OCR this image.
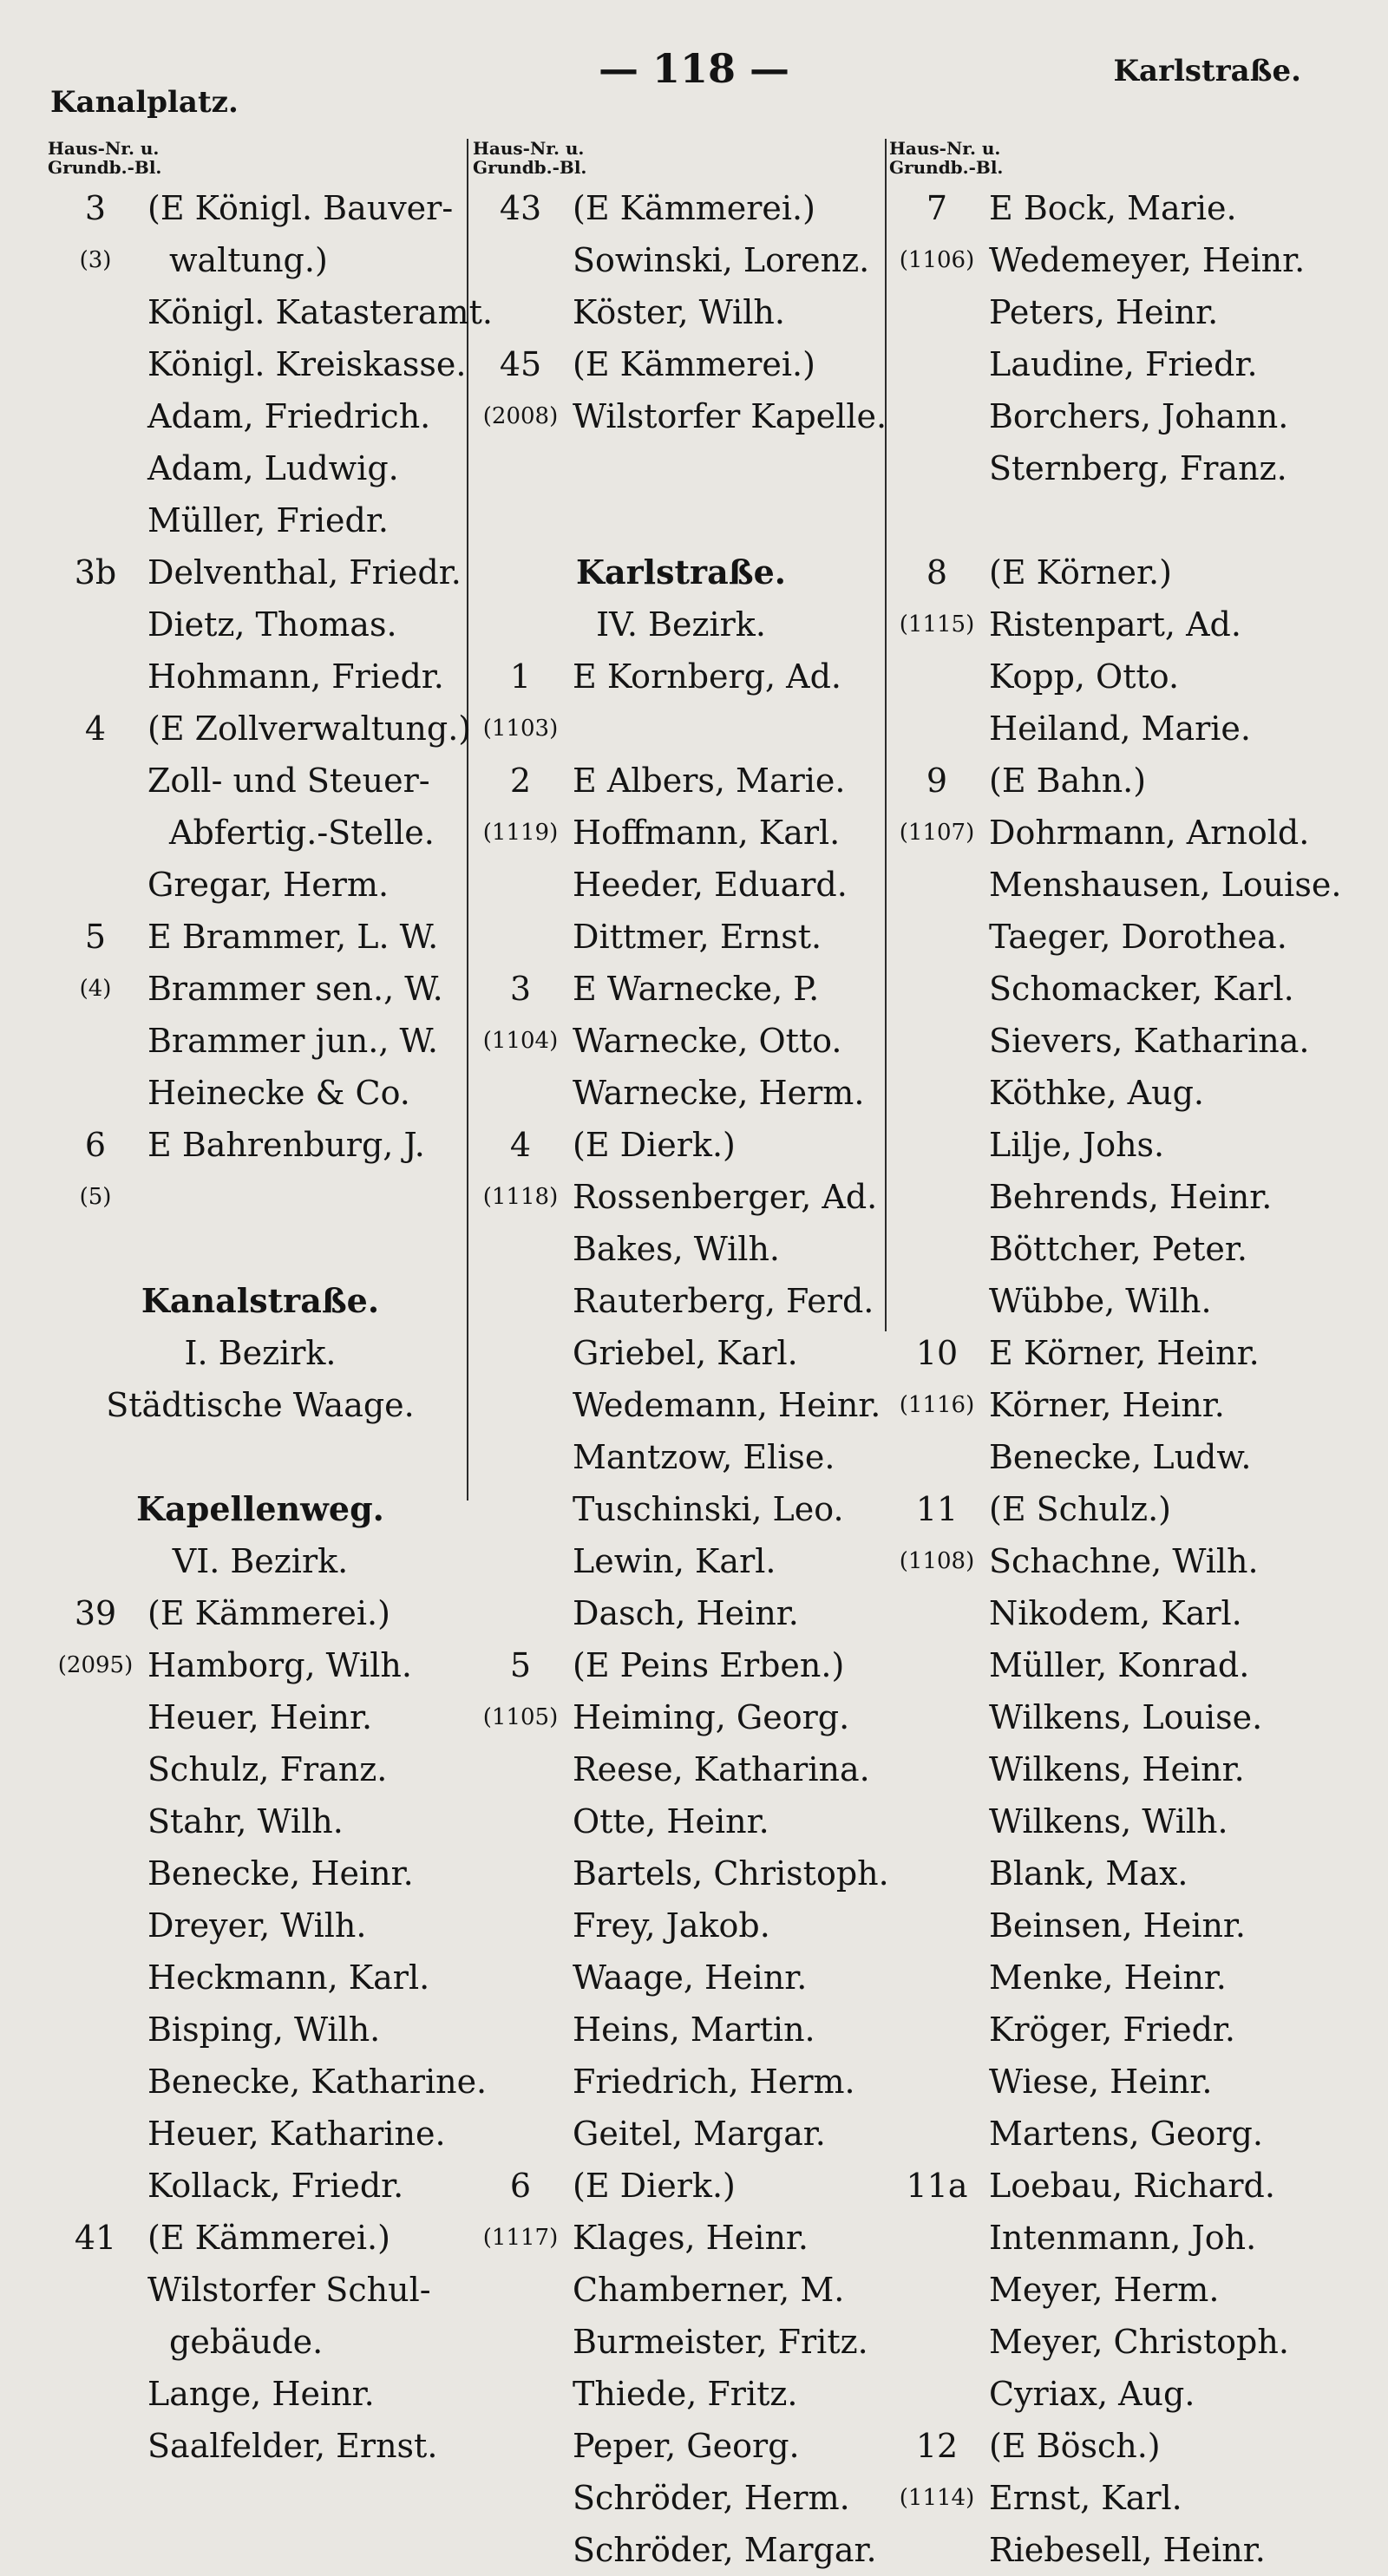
Kanalplatz.
— 118 —	Karlstraße.
Haus-Nr. u.
Grundb.-Bl.
3	(E Königl. Bauver-
(3)	waltung.)
Königl. Katasteramt.
Königl. Kreiskasse.
Adam, Friedrich.
Adam, Ludwig.
Müller, Friedr.
3b Delventhal, Friedr.
Dietz, Thomas.
Hohmann, Friedr.
4	(E Zollverwaltung.)
Zoll- und Steuer-
Abfertig.-Stelle.
Gregar, Herm.
5	E Brammer, L. W.
(4)	Brammer sen., W.
Brammer jun., W.
Heinecke & Co.
6	E Bahrenburg, J.
(5)
Kanalstraße.
I. Bezirk.
Städtische Waage.
Kapellenweg.
VI. Bezirk.
39 (E Kämmerei.)
(2095) Hamborg, Wilh.
Heuer, Heinr.
Schulz, Franz.
Stahr, Wilh.
Benecke, Heinr.
Dreyer, Wilh.
Heckmann, Karl.
Bisping, Wilh.
Benecke, Katharine.
Heuer, Katharine.
Kollack, Friedr.
41 (E Kämmerei.)
Wilstorfer Schul-
gebäude.
Lange, Heinr.
Saalfelder, Ernst.
Haus-Nr. u.
Grundb.-Bl.
43 (E Kämmerei.)
Sowinski, Lorenz.
Köster, Wilh.
45 (E Kämmerei.)
(2008) Wilstorfer Kapelle.
Karlstraße.
IV. Bezirk.
1	E Kornberg, Ad.
(1103)
2	E Albers, Marie.
(1119) Hoffmann, Karl.
Heeder, Eduard.
Dittmer, Ernst.
3	E Warnecke, P.
(1104) Warnecke, Otto.
Warnecke, Herm.
4	(E Dierk.)
(1118) Rossenberger, Ad.
Bakes, Wilh.
Rauterberg, Ferd.
Griebel, Karl.
Wedemann, Heinr.
Mantzow, Elise.
Tuschinski, Leo.
Lewin, Karl.
Dasch, Heinr.
5	(E Peins Erben.)
(1105) Heiming, Georg.
Reese, Katharina.
Otte, Heinr.
Bartels, Christoph.
Frey, Jakob.
Waage, Heinr.
Heins, Martin.
Friedrich, Herm.
Geitel, Margar.
6	(E Dierk.)
(1117) Klages, Heinr.
Chamberner, M.
Burmeister, Fritz.
Thiede, Fritz.
Peper, Georg.
Schröder, Herm.
Schröder, Margar.
Haus-Nr. u.
Grundb.-Bl.
7	E Bock, Marie.
(1106) Wedemeyer, Heinr.
Peters, Heinr.
Laudine, Friedr.
Borchers, Johann.
Sternberg, Franz.
8	(E Körner.)
(1115) Ristenpart, Ad.
Kopp, Otto.
Heiland, Marie.
9	(E Bahn.)
(1107) Dohrmann, Arnold.
Menshausen, Louise.
Taeger, Dorothea.
Schomacker, Karl.
Sievers, Katharina.
Köthke, Aug.
Lilje, Johs.
Behrends, Heinr.
Böttcher, Peter.
Wübbe, Wilh.
10 E Körner, Heinr.
(1116) Körner, Heinr.
Benecke, Ludw.
11 (E Schulz.)
(1108) Schachne, Wilh.
Nikodem, Karl.
Müller, Konrad.
Wilkens, Louise.
Wilkens, Heinr.
Wilkens, Wilh.
Blank, Max.
Beinsen, Heinr.
Menke, Heinr.
Kröger, Friedr.
Wiese, Heinr.
Martens, Georg.
11a Loebau, Richard.
Intenmann, Joh.
Meyer, Herm.
Meyer, Christoph.
Cyriax, Aug.
12 (E Bösch.)
(1114) Ernst, Karl.
Riebesell, Heinr.
